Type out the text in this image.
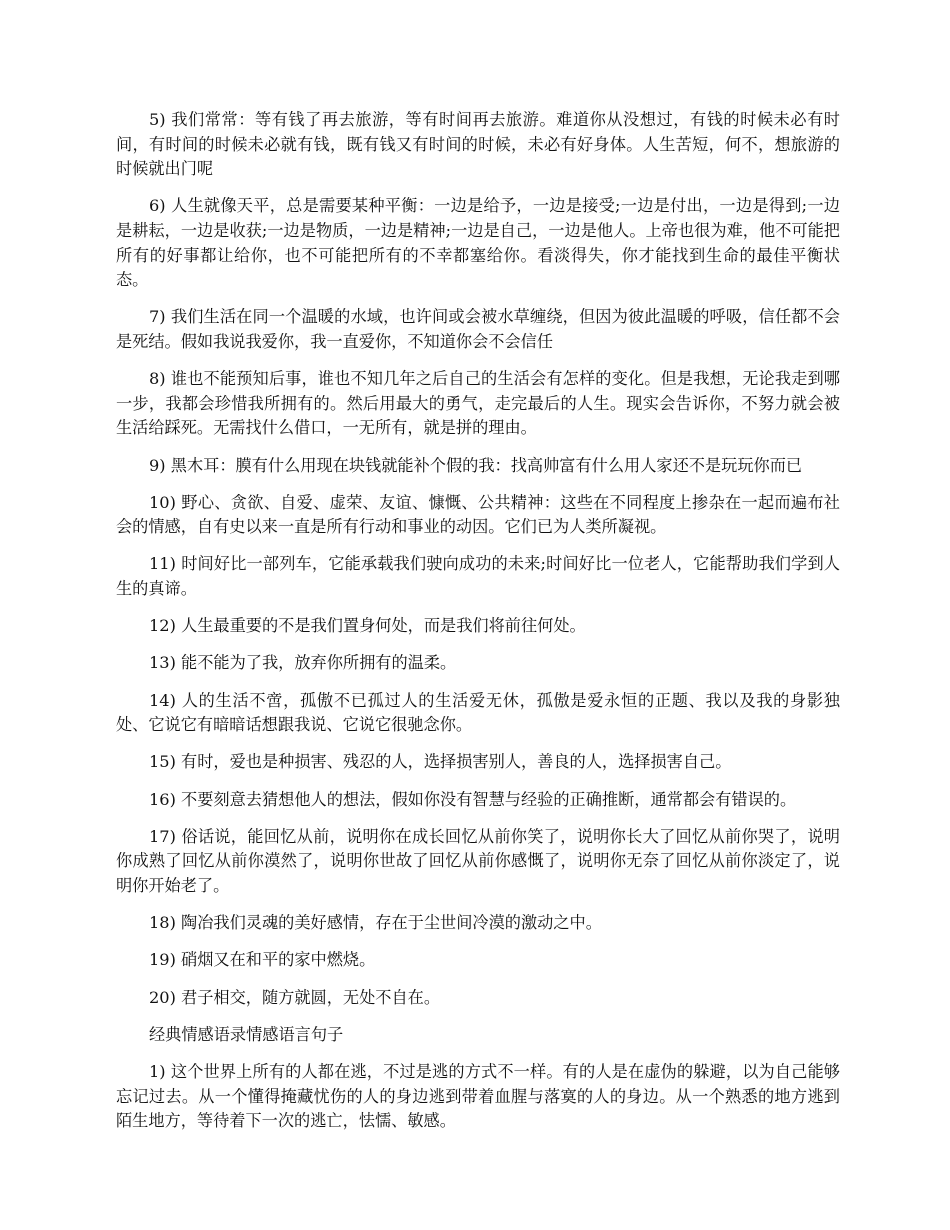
5) 我们常常：等有钱了再去旅游，等有时间再去旅游。难道你从没想过，有钱的时候未必有时间，有时间的时候未必就有钱，既有钱又有时间的时候，未必有好身体。人生苦短，何不，想旅游的时候就出门呢

6) 人生就像天平，总是需要某种平衡：一边是给予，一边是接受;一边是付出，一边是得到;一边是耕耘，一边是收获;一边是物质，一边是精神;一边是自己，一边是他人。上帝也很为难，他不可能把所有的好事都让给你，也不可能把所有的不幸都塞给你。看淡得失，你才能找到生命的最佳平衡状态。

7) 我们生活在同一个温暖的水域，也许间或会被水草缠绕，但因为彼此温暖的呼吸，信任都不会是死结。假如我说我爱你，我一直爱你，不知道你会不会信任

8) 谁也不能预知后事，谁也不知几年之后自己的生活会有怎样的变化。但是我想，无论我走到哪一步，我都会珍惜我所拥有的。然后用最大的勇气，走完最后的人生。现实会告诉你，不努力就会被生活给踩死。无需找什么借口，一无所有，就是拼的理由。

9) 黑木耳：膜有什么用现在块钱就能补个假的我：找高帅富有什么用人家还不是玩玩你而已

10) 野心、贪欲、自爱、虚荣、友谊、慷慨、公共精神：这些在不同程度上掺杂在一起而遍布社会的情感，自有史以来一直是所有行动和事业的动因。它们已为人类所凝视。

11) 时间好比一部列车，它能承载我们驶向成功的未来;时间好比一位老人，它能帮助我们学到人生的真谛。

12) 人生最重要的不是我们置身何处，而是我们将前往何处。

13) 能不能为了我，放弃你所拥有的温柔。

14) 人的生活不啻，孤傲不已孤过人的生活爱无休，孤傲是爱永恒的正题、我以及我的身影独处、它说它有暗暗话想跟我说、它说它很驰念你。

15) 有时，爱也是种损害、残忍的人，选择损害别人，善良的人，选择损害自己。

16) 不要刻意去猜想他人的想法，假如你没有智慧与经验的正确推断，通常都会有错误的。

17) 俗话说，能回忆从前，说明你在成长回忆从前你笑了，说明你长大了回忆从前你哭了，说明你成熟了回忆从前你漠然了，说明你世故了回忆从前你感慨了，说明你无奈了回忆从前你淡定了，说明你开始老了。

18) 陶冶我们灵魂的美好感情，存在于尘世间冷漠的激动之中。

19) 硝烟又在和平的家中燃烧。

20) 君子相交，随方就圆，无处不自在。

经典情感语录情感语言句子

1) 这个世界上所有的人都在逃，不过是逃的方式不一样。有的人是在虚伪的躲避，以为自己能够忘记过去。从一个懂得掩藏忧伤的人的身边逃到带着血腥与落寞的人的身边。从一个熟悉的地方逃到陌生地方，等待着下一次的逃亡，怯懦、敏感。
